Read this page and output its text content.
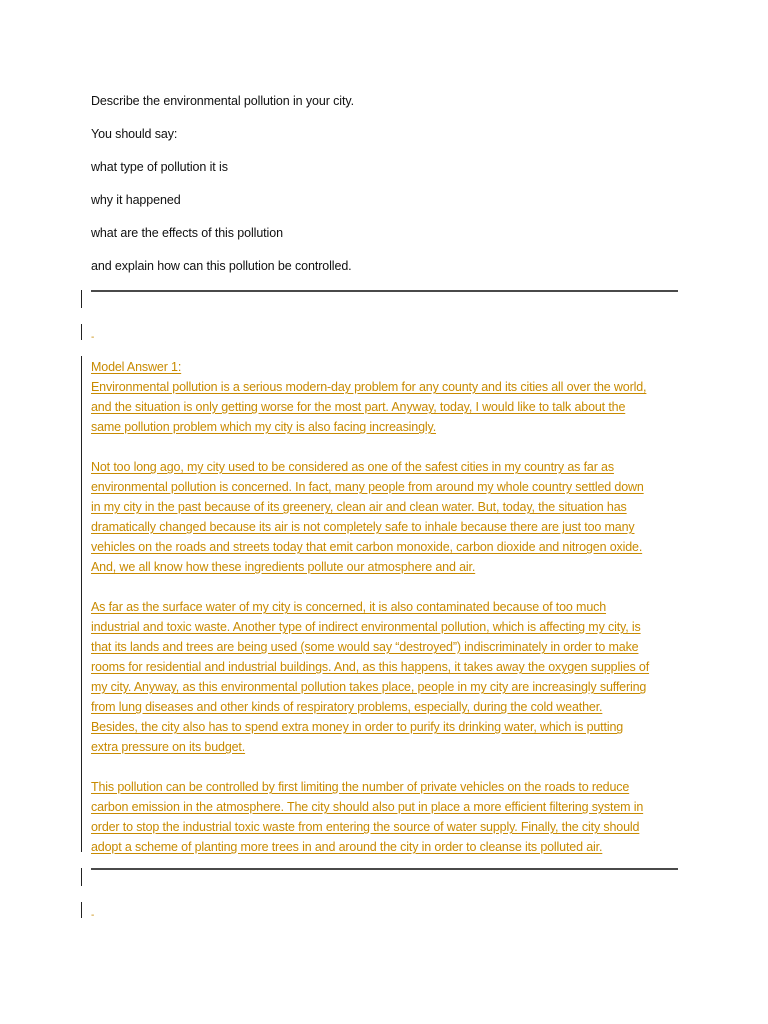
Describe the environmental pollution in your city.
You should say:
what type of pollution it is
why it happened
what are the effects of this pollution
and explain how can this pollution be controlled.
-
Model Answer 1:
Environmental pollution is a serious modern-day problem for any county and its cities all over the world,
and the situation is only getting worse for the most part. Anyway, today, I would like to talk about the
same pollution problem which my city is also facing increasingly.
Not too long ago, my city used to be considered as one of the safest cities in my country as far as
environmental pollution is concerned. In fact, many people from around my whole country settled down
in my city in the past because of its greenery, clean air and clean water. But, today, the situation has
dramatically changed because its air is not completely safe to inhale because there are just too many
vehicles on the roads and streets today that emit carbon monoxide, carbon dioxide and nitrogen oxide.
And, we all know how these ingredients pollute our atmosphere and air.
As far as the surface water of my city is concerned, it is also contaminated because of too much
industrial and toxic waste. Another type of indirect environmental pollution, which is affecting my city, is
that its lands and trees are being used (some would say “destroyed”) indiscriminately in order to make
rooms for residential and industrial buildings. And, as this happens, it takes away the oxygen supplies of
my city. Anyway, as this environmental pollution takes place, people in my city are increasingly suffering
from lung diseases and other kinds of respiratory problems, especially, during the cold weather.
Besides, the city also has to spend extra money in order to purify its drinking water, which is putting
extra pressure on its budget.
This pollution can be controlled by first limiting the number of private vehicles on the roads to reduce
carbon emission in the atmosphere. The city should also put in place a more efficient filtering system in
order to stop the industrial toxic waste from entering the source of water supply. Finally, the city should
adopt a scheme of planting more trees in and around the city in order to cleanse its polluted air.
-
